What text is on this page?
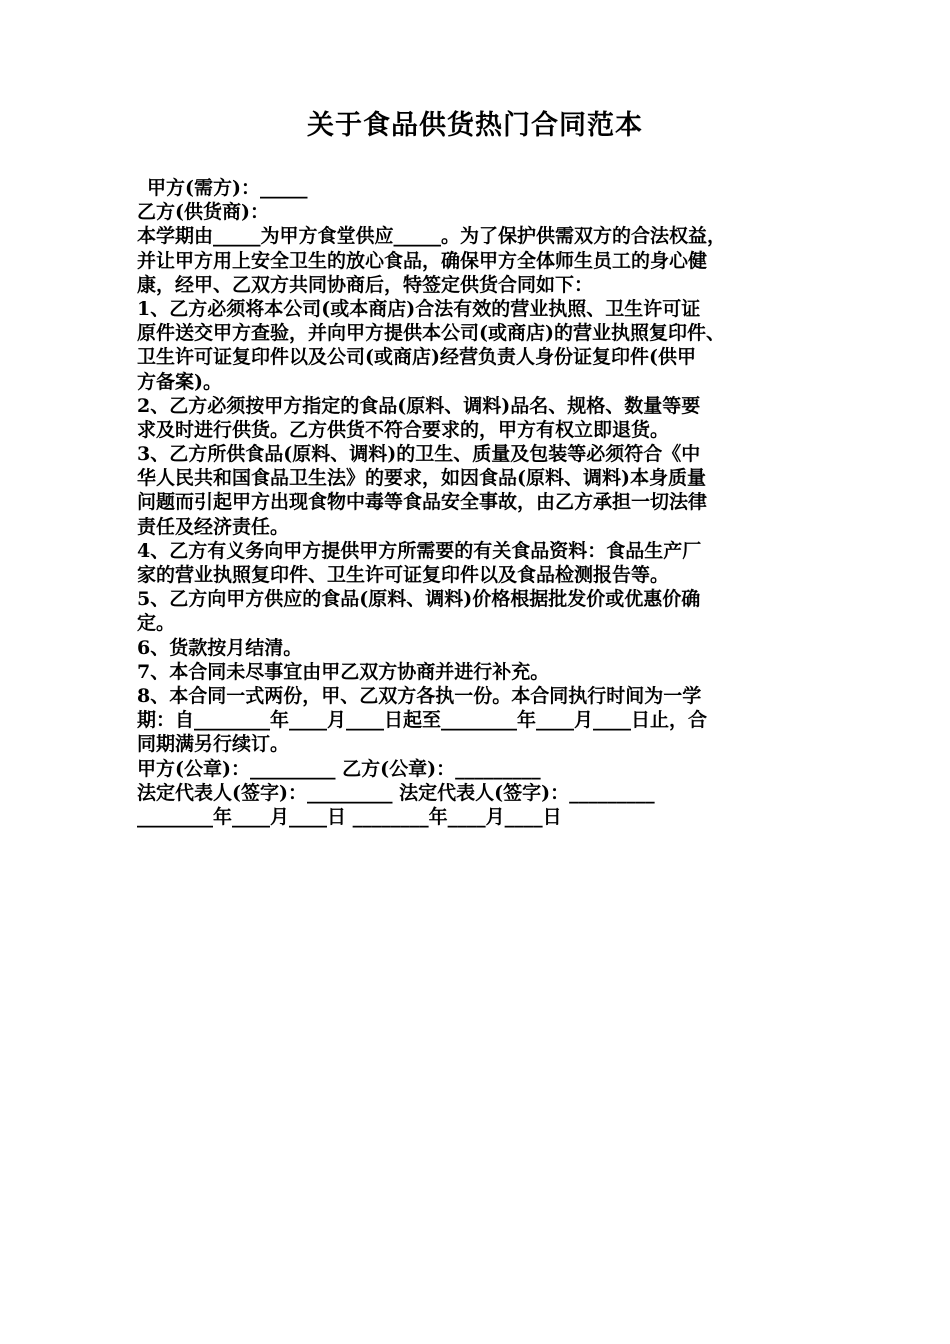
关于食品供货热门合同范本
甲方(需方)：_____
乙方(供货商)：
本学期由_____为甲方食堂供应_____。为了保护供需双方的合法权益，
并让甲方用上安全卫生的放心食品，确保甲方全体师生员工的身心健
康，经甲、乙双方共同协商后，特签定供货合同如下：
1、乙方必须将本公司(或本商店)合法有效的营业执照、卫生许可证
原件送交甲方查验，并向甲方提供本公司(或商店)的营业执照复印件、
卫生许可证复印件以及公司(或商店)经营负责人身份证复印件(供甲
方备案)。
2、乙方必须按甲方指定的食品(原料、调料)品名、规格、数量等要
求及时进行供货。乙方供货不符合要求的，甲方有权立即退货。
3、乙方所供食品(原料、调料)的卫生、质量及包装等必须符合《中
华人民共和国食品卫生法》的要求，如因食品(原料、调料)本身质量
问题而引起甲方出现食物中毒等食品安全事故，由乙方承担一切法律
责任及经济责任。
4、乙方有义务向甲方提供甲方所需要的有关食品资料：食品生产厂
家的营业执照复印件、卫生许可证复印件以及食品检测报告等。
5、乙方向甲方供应的食品(原料、调料)价格根据批发价或优惠价确
定。
6、货款按月结清。
7、本合同未尽事宜由甲乙双方协商并进行补充。
8、本合同一式两份，甲、乙双方各执一份。本合同执行时间为一学
期：自________年____月____日起至________年____月____日止，合
同期满另行续订。
甲方(公章)：_________ 乙方(公章)：_________
法定代表人(签字)：_________ 法定代表人(签字)：_________
________年____月____日 ________年____月____日
